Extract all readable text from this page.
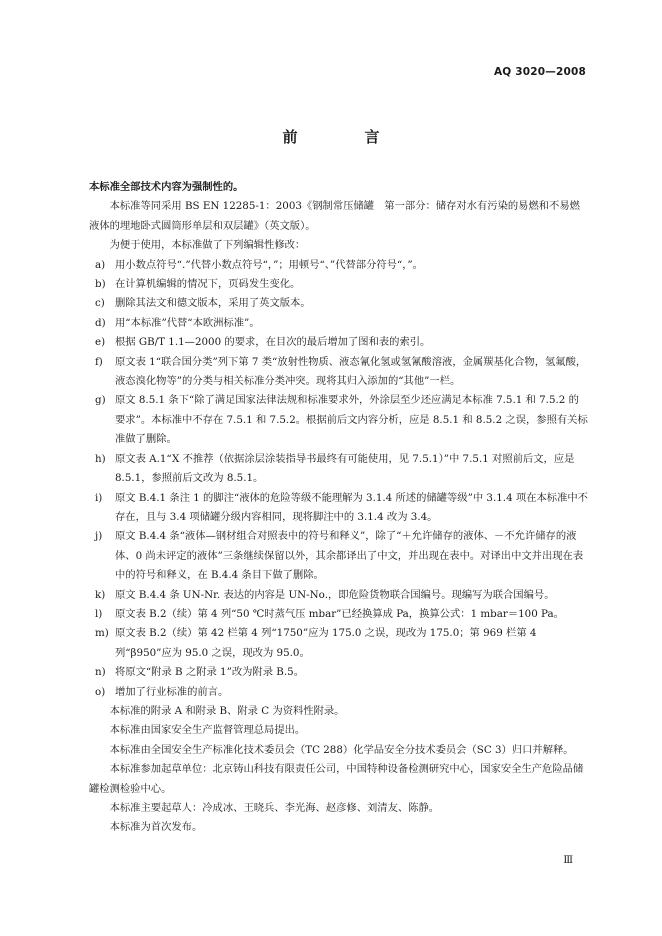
AQ 3020—2008
前　言

本标准全部技术内容为强制性的。

本标准等同采用 BS EN 12285-1：2003《钢制常压储罐　第一部分：储存对水有污染的易燃和不易燃液体的埋地卧式圆筒形单层和双层罐》（英文版）。

为便于使用，本标准做了下列编辑性修改：

a) 用小数点符号“.”代替小数点符号“，”；用顿号“、”代替部分符号“，”。
b) 在计算机编辑的情况下，页码发生变化。
c) 删除其法文和德文版本，采用了英文版本。
d) 用“本标准”代替“本欧洲标准”。
e) 根据 GB/T 1.1—2000 的要求，在目次的最后增加了图和表的索引。
f)	原文表 1“联合国分类”列下第 7 类“放射性物质、液态氰化氢或氢氰酸溶液，金属羰基化合物，氢氟酸，液态溴化物等”的分类与相关标准分类冲突。现将其归入添加的“其他”一栏。
g) 原文 8.5.1 条下“除了满足国家法律法规和标准要求外，外涂层至少还应满足本标准 7.5.1 和 7.5.2 的要求”。本标准中不存在 7.5.1 和 7.5.2。根据前后文内容分析，应是 8.5.1 和 8.5.2 之误，参照有关标准做了删除。
h) 原文表 A.1“X 不推荐（依据涂层涂装指导书最终有可能使用，见 7.5.1）”中 7.5.1 对照前后文，应是 8.5.1，参照前后文改为 8.5.1。
i)	原文 B.4.1 条注 1 的脚注“液体的危险等级不能理解为 3.1.4 所述的储罐等级”中 3.1.4 项在本标准中不存在，且与 3.4 项储罐分级内容相同，现将脚注中的 3.1.4 改为 3.4。
j)	原文 B.4.4 条“液体—钢材组合对照表中的符号和释义”，除了“＋允许储存的液体、－不允许储存的液体、0 尚未评定的液体”三条继续保留以外，其余都译出了中文，并出现在表中。对译出中文并出现在表中的符号和释义，在 B.4.4 条目下做了删除。
k) 原文 B.4.4 条 UN-Nr. 表达的内容是 UN-No.，即危险货物联合国编号。现编写为联合国编号。
l)	原文表 B.2（续）第 4 列“50 ℃时蒸气压 mbar”已经换算成 Pa，换算公式：1 mbar＝100 Pa。
m) 原文表 B.2（续）第 42 栏第 4 列“1750”应为 175.0 之误，现改为 175.0；第 969 栏第 4 列“β950”应为 95.0 之误，现改为 95.0。
n) 将原文“附录 B 之附录 1”改为附录 B.5。
o) 增加了行业标准的前言。

本标准的附录 A 和附录 B、附录 C 为资料性附录。

本标准由国家安全生产监督管理总局提出。

本标准由全国安全生产标准化技术委员会（TC 288）化学品安全分技术委员会（SC 3）归口并解释。

本标准参加起草单位：北京铸山科技有限责任公司，中国特种设备检测研究中心，国家安全生产危险品储罐检测检验中心。

本标准主要起草人：冷成冰、王晓兵、李光海、赵彦修、刘清友、陈静。

本标准为首次发布。

Ⅲ
